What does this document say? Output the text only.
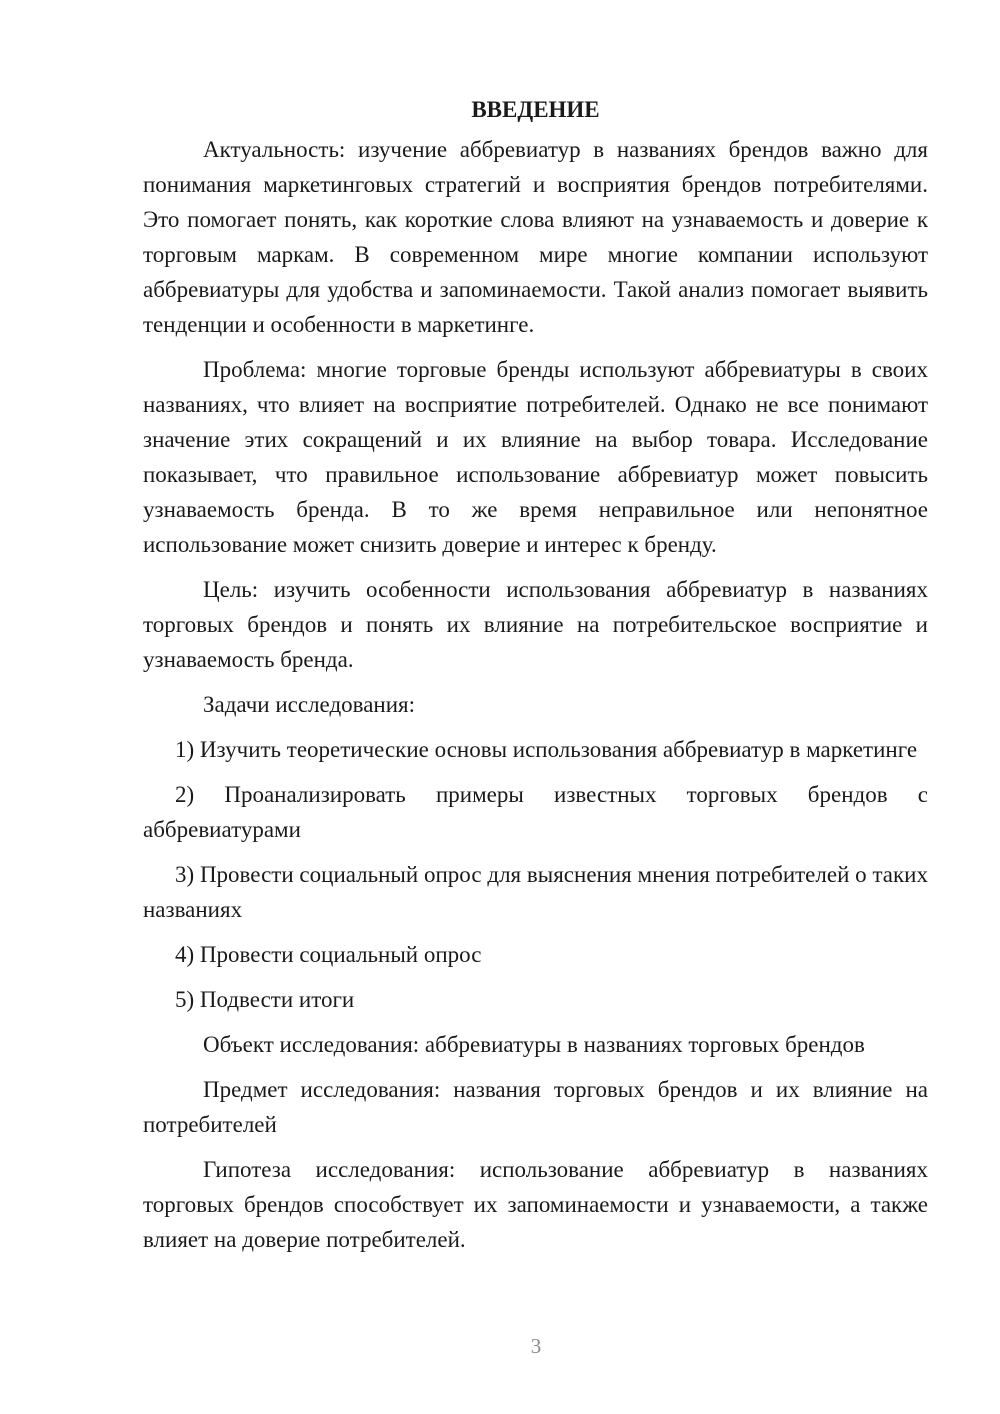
ВВЕДЕНИЕ

Актуальность: изучение аббревиатур в названиях брендов важно для понимания маркетинговых стратегий и восприятия брендов потребителями. Это помогает понять, как короткие слова влияют на узнаваемость и доверие к торговым маркам. В современном мире многие компании используют аббревиатуры для удобства и запоминаемости. Такой анализ помогает выявить тенденции и особенности в маркетинге.

Проблема: многие торговые бренды используют аббревиатуры в своих названиях, что влияет на восприятие потребителей. Однако не все понимают значение этих сокращений и их влияние на выбор товара. Исследование показывает, что правильное использование аббревиатур может повысить узнаваемость бренда. В то же время неправильное или непонятное использование может снизить доверие и интерес к бренду.

Цель: изучить особенности использования аббревиатур в названиях торговых брендов и понять их влияние на потребительское восприятие и узнаваемость бренда.

Задачи исследования:

1) Изучить теоретические основы использования аббревиатур в маркетинге

2) Проанализировать примеры известных торговых брендов с аббревиатурами

3) Провести социальный опрос для выяснения мнения потребителей о таких названиях

4) Провести социальный опрос

5) Подвести итоги

Объект исследования: аббревиатуры в названиях торговых брендов

Предмет исследования: названия торговых брендов и их влияние на потребителей

Гипотеза исследования: использование аббревиатур в названиях торговых брендов способствует их запоминаемости и узнаваемости, а также влияет на доверие потребителей.

3
